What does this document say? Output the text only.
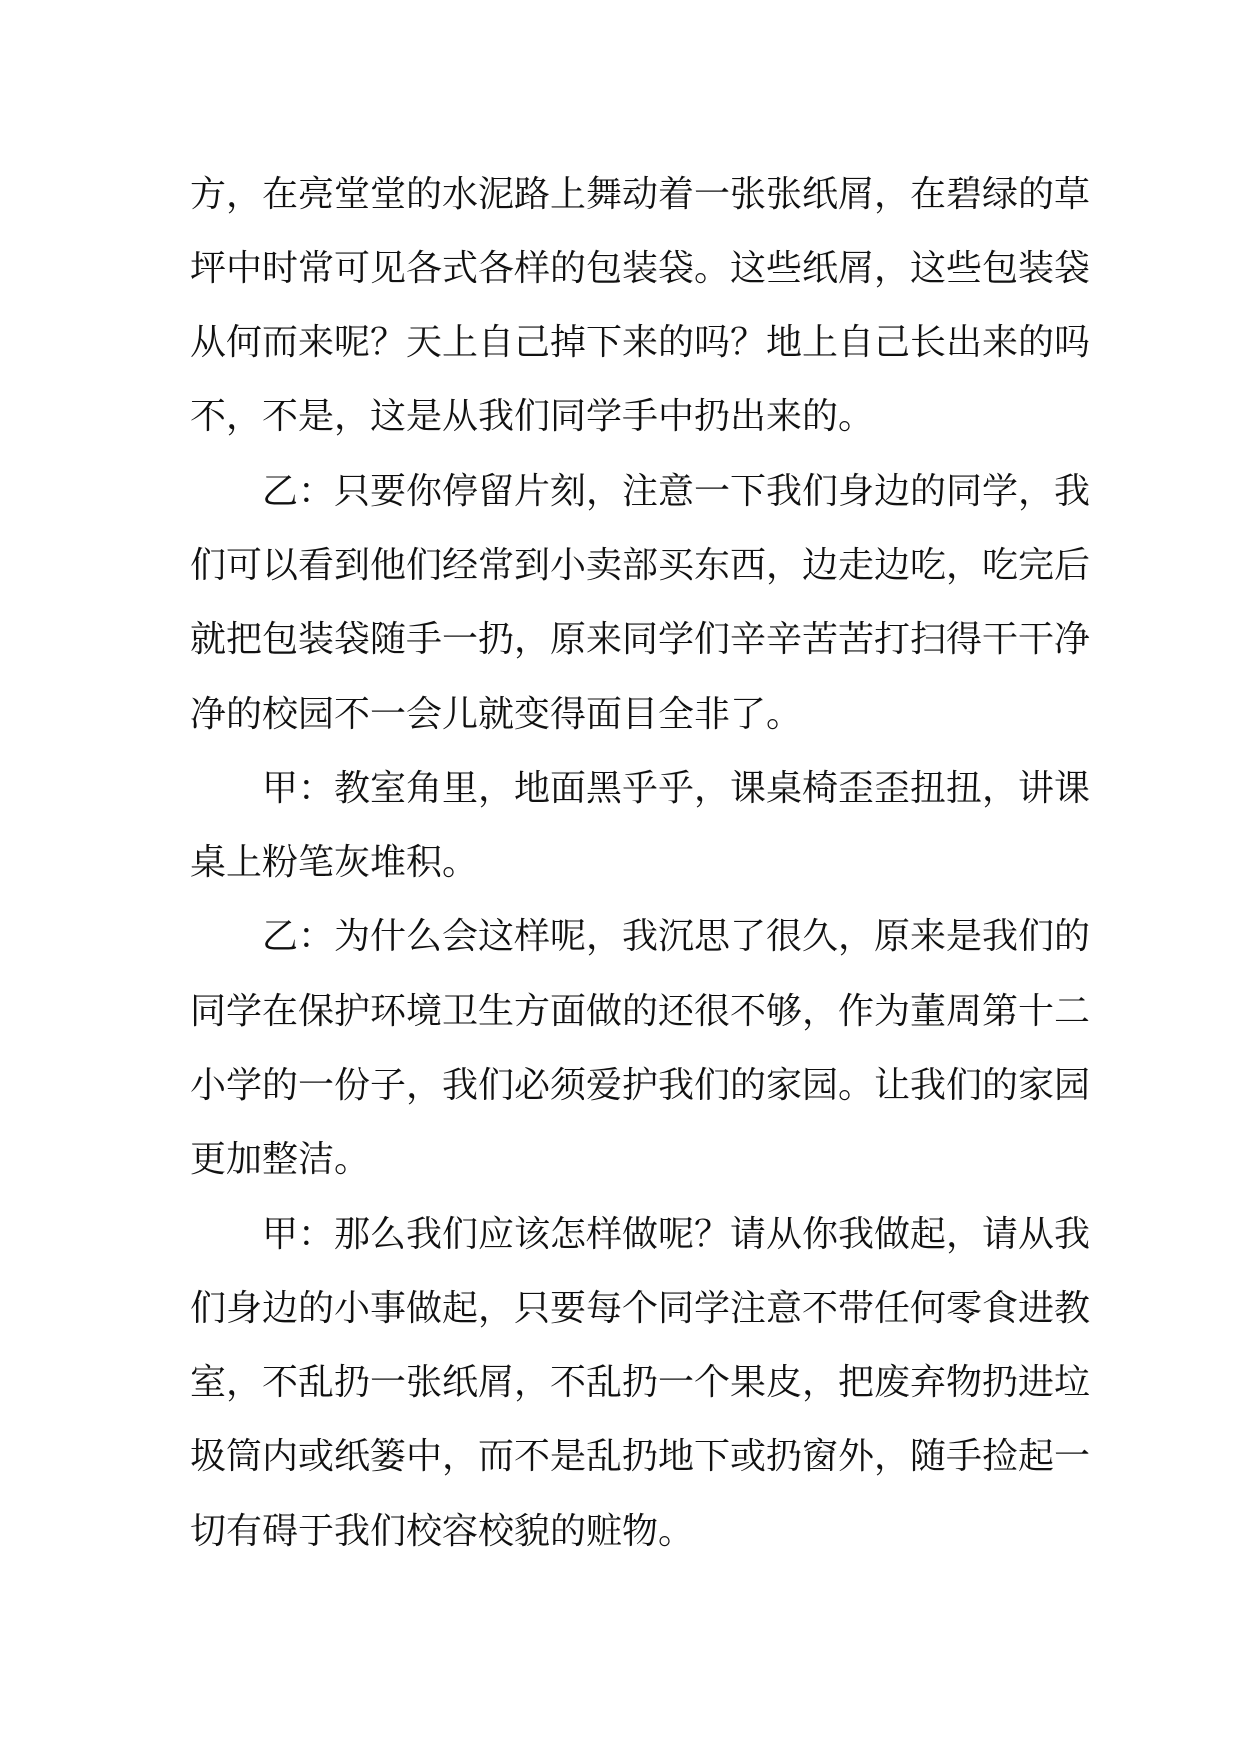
方，在亮堂堂的水泥路上舞动着一张张纸屑，在碧绿的草
坪中时常可见各式各样的包装袋。这些纸屑，这些包装袋
从何而来呢？天上自己掉下来的吗？地上自己长出来的吗
不，不是，这是从我们同学手中扔出来的。
　　乙：只要你停留片刻，注意一下我们身边的同学，我
们可以看到他们经常到小卖部买东西，边走边吃，吃完后
就把包装袋随手一扔，原来同学们辛辛苦苦打扫得干干净
净的校园不一会儿就变得面目全非了。
　　甲：教室角里，地面黑乎乎，课桌椅歪歪扭扭，讲课
桌上粉笔灰堆积。
　　乙：为什么会这样呢，我沉思了很久，原来是我们的
同学在保护环境卫生方面做的还很不够，作为董周第十二
小学的一份子，我们必须爱护我们的家园。让我们的家园
更加整洁。
　　甲：那么我们应该怎样做呢？请从你我做起，请从我
们身边的小事做起，只要每个同学注意不带任何零食进教
室，不乱扔一张纸屑，不乱扔一个果皮，把废弃物扔进垃
圾筒内或纸篓中，而不是乱扔地下或扔窗外，随手捡起一
切有碍于我们校容校貌的赃物。
